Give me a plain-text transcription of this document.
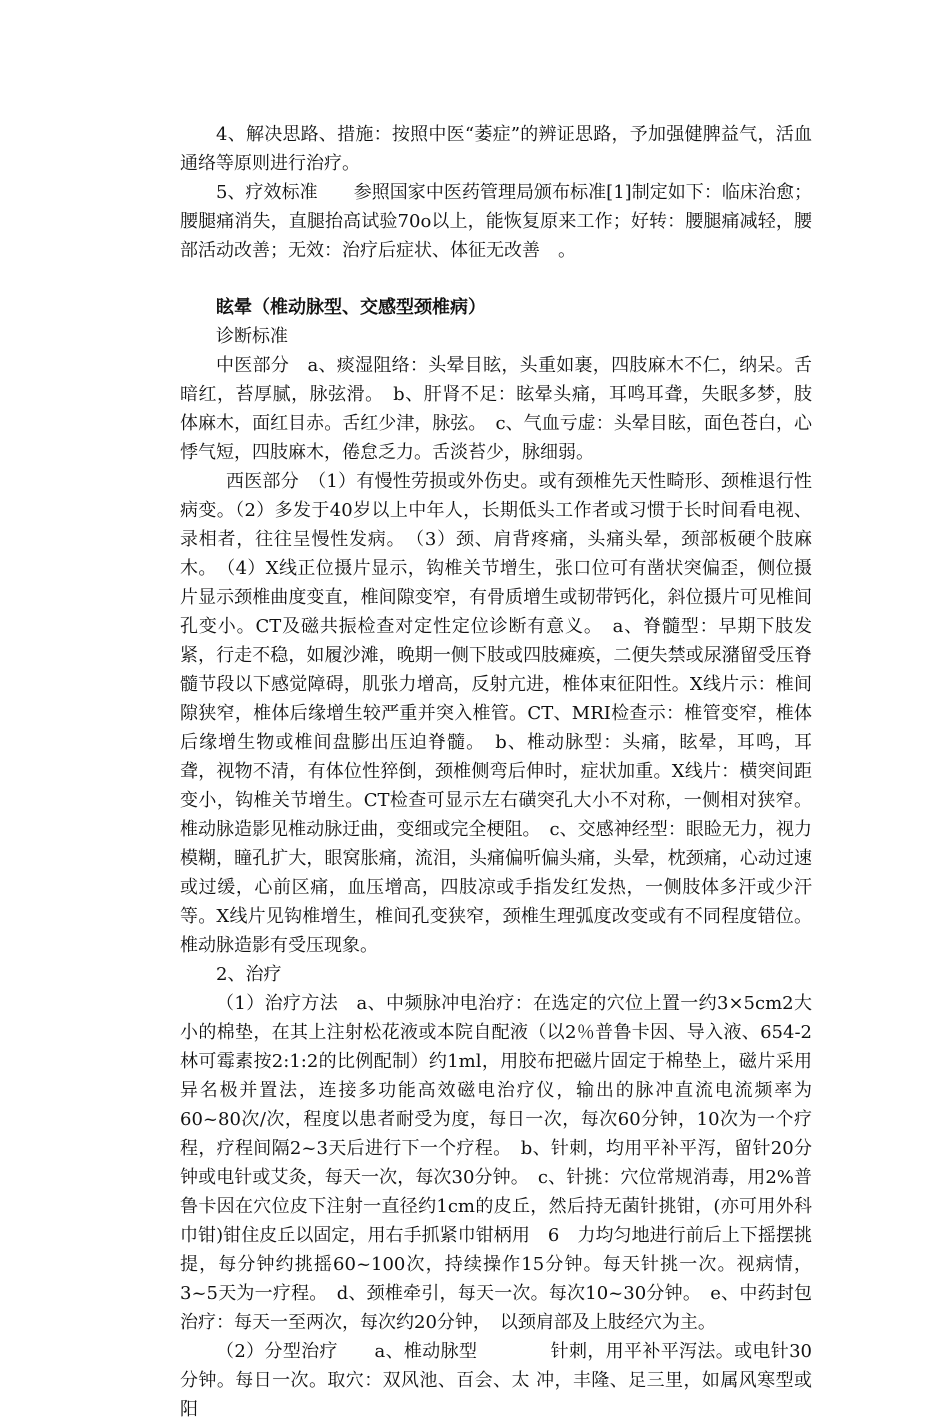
4、解决思路、措施：按照中医“萎症”的辨证思路，予加强健脾益气，活血通络等原则进行治疗。

5、疗效标准　　参照国家中医药管理局颁布标准[1]制定如下：临床治愈；腰腿痛消失，直腿抬高试验70o以上，能恢复原来工作；好转：腰腿痛减轻，腰部活动改善；无效：治疗后症状、体征无改善　。

眩晕（椎动脉型、交感型颈椎病）

诊断标准

中医部分　a、痰湿阻络：头晕目眩，头重如裹，四肢麻木不仁，纳呆。舌暗红，苔厚腻，脉弦滑。　b、肝肾不足：眩晕头痛，耳鸣耳聋，失眠多梦，肢体麻木，面红目赤。舌红少津，脉弦。　c、气血亏虚：头晕目眩，面色苍白，心悸气短，四肢麻木，倦怠乏力。舌淡苔少，脉细弱。

西医部分　（1）有慢性劳损或外伤史。或有颈椎先天性畸形、颈椎退行性病变。（2）多发于40岁以上中年人，长期低头工作者或习惯于长时间看电视、录相者，往往呈慢性发病。　（3）颈、肩背疼痛，头痛头晕，颈部板硬个肢麻木。　（4）X线正位摄片显示，钩椎关节增生，张口位可有凿状突偏歪，侧位摄片显示颈椎曲度变直，椎间隙变窄，有骨质增生或韧带钙化，斜位摄片可见椎间孔变小。CT及磁共振检查对定性定位诊断有意义。　a、脊髓型：早期下肢发紧，行走不稳，如履沙滩，晚期一侧下肢或四肢瘫痪，二便失禁或尿潴留受压脊髓节段以下感觉障碍，肌张力增高，反射亢进，椎体束征阳性。X线片示：椎间隙狭窄，椎体后缘增生较严重并突入椎管。CT、MRI检查示：椎管变窄，椎体后缘增生物或椎间盘膨出压迫脊髓。　b、椎动脉型：头痛，眩晕，耳鸣，耳聋，视物不清，有体位性猝倒，颈椎侧弯后伸时，症状加重。X线片：横突间距变小，钩椎关节增生。CT检查可显示左右磺突孔大小不对称，一侧相对狭窄。椎动脉造影见椎动脉迂曲，变细或完全梗阻。　c、交感神经型：眼睑无力，视力模糊，瞳孔扩大，眼窝胀痛，流泪，头痛偏听偏头痛，头晕，枕颈痛，心动过速或过缓，心前区痛，血压增高，四肢凉或手指发红发热，一侧肢体多汗或少汗等。X线片见钩椎增生，椎间孔变狭窄，颈椎生理弧度改变或有不同程度错位。椎动脉造影有受压现象。

2、治疗

（1）治疗方法　a、中频脉冲电治疗：在选定的穴位上置一约3×5cm2大小的棉垫，在其上注射松花液或本院自配液（以2％普鲁卡因、导入液、654-2林可霉素按2:1:2的比例配制）约1ml，用胶布把磁片固定于棉垫上，磁片采用异名极并置法，连接多功能高效磁电治疗仪，输出的脉冲直流电流频率为60~80次/次，程度以患者耐受为度，每日一次，每次60分钟，10次为一个疗程，疗程间隔2~3天后进行下一个疗程。　b、针刺，均用平补平泻，留针20分钟或电针或艾灸，每天一次，每次30分钟。　c、针挑：穴位常规消毒，用2%普鲁卡因在穴位皮下注射一直径约1cm的皮丘，然后持无菌针挑钳，(亦可用外科巾钳)钳住皮丘以固定，用右手抓紧巾钳柄用　6　力均匀地进行前后上下摇摆挑提，每分钟约挑摇60~100次，持续操作15分钟。每天针挑一次。视病情，3~5天为一疗程。　d、颈椎牵引，每天一次。每次10~30分钟。　e、中药封包治疗：每天一至两次，每次约20分钟，　以颈肩部及上肢经穴为主。

（2）分型治疗　　a、椎动脉型　　　　针刺，用平补平泻法。或电针30分钟。每日一次。取穴：双风池、百会、太 冲，丰隆、足三里，如属风寒型或阳
